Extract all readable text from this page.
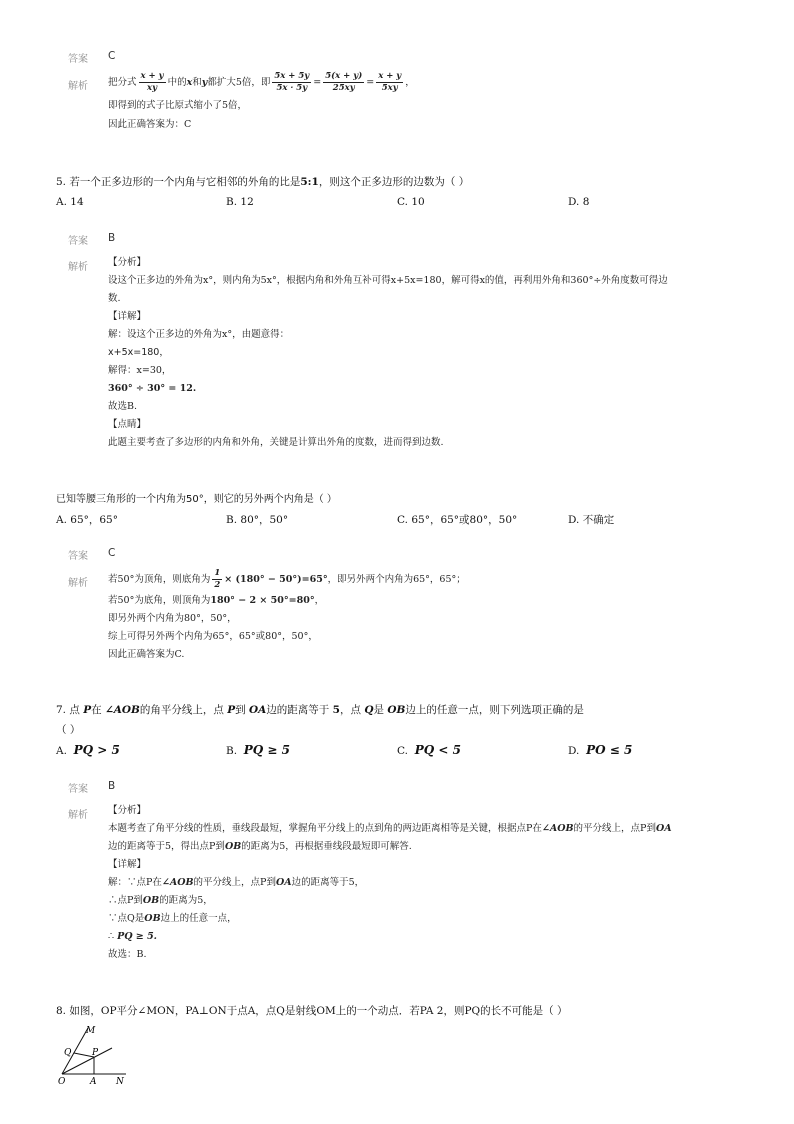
答案 C
解析 把分式 $\frac{x + y}{xy}$ 中的 x 和 y 都扩大5倍，即 $\frac{5x + 5y}{5x \cdot 5y} = \frac{5(x + y)}{25xy} = \frac{x + y}{5xy}$ ，
即得到的式子比原式缩小了5倍，
因此正确答案为：C
5. 若一个正多边形的一个内角与它相邻的外角的比是5:1，则这个正多边形的边数为（ ）
A. 14	B. 12	C. 10	D. 8
答案 B
解析 【分析】
设这个正多边的外角为x°，则内角为5x°，根据内角和外角互补可得x+5x=180，解可得x的值，再利用外角和360°÷外角度数可得边
数.
【详解】
解：设这个正多边的外角为x°，由题意得：
x+5x=180，
解得：x=30，
360° ÷ 30° = 12.
故选B.
【点睛】
此题主要考查了多边形的内角和外角，关键是计算出外角的度数，进而得到边数.
已知等腰三角形的一个内角为50°，则它的另外两个内角是（ ）
A. 65°，65°	B. 80°，50°	C. 65°，65°或80°，50°	D. 不确定
答案 C
解析 若50°为顶角，则底角为 $\frac{1}{2} \times (180^\circ - 50^\circ)=65^\circ$ ，即另外两个内角为65°，65°；
若50°为底角，则顶角为180° − 2 × 50°=80°，
即另外两个内角为80°，50°，
综上可得另外两个内角为65°，65°或80°，50°，
因此正确答案为C.
7. 点 P在 ∠AOB的角平分线上，点 P到 OA边的距离等于 5，点 Q是 OB边上的任意一点，则下列选项正确的是
（ ）
A. PQ > 5	B. PQ ≥ 5	C. PQ < 5	D. PO ≤ 5
答案 B
解析 【分析】
本题考查了角平分线的性质，垂线段最短，掌握角平分线上的点到角的两边距离相等是关键，根据点P在∠AOB的平分线上，点P到OA
边的距离等于5，得出点P到OB的距离为5，再根据垂线段最短即可解答.
【详解】
解：∵点P在∠AOB的平分线上，点P到OA边的距离等于5，
∴点P到OB的距离为5，
∵点Q是OB边上的任意一点，
∴ PQ ≥ 5.
故选：B.
8. 如图，OP平分∠MON，PA⊥ON于点A，点Q是射线OM上的一个动点．若PA 2，则PQ的长不可能是（ ）
M
Q P
O	A N
